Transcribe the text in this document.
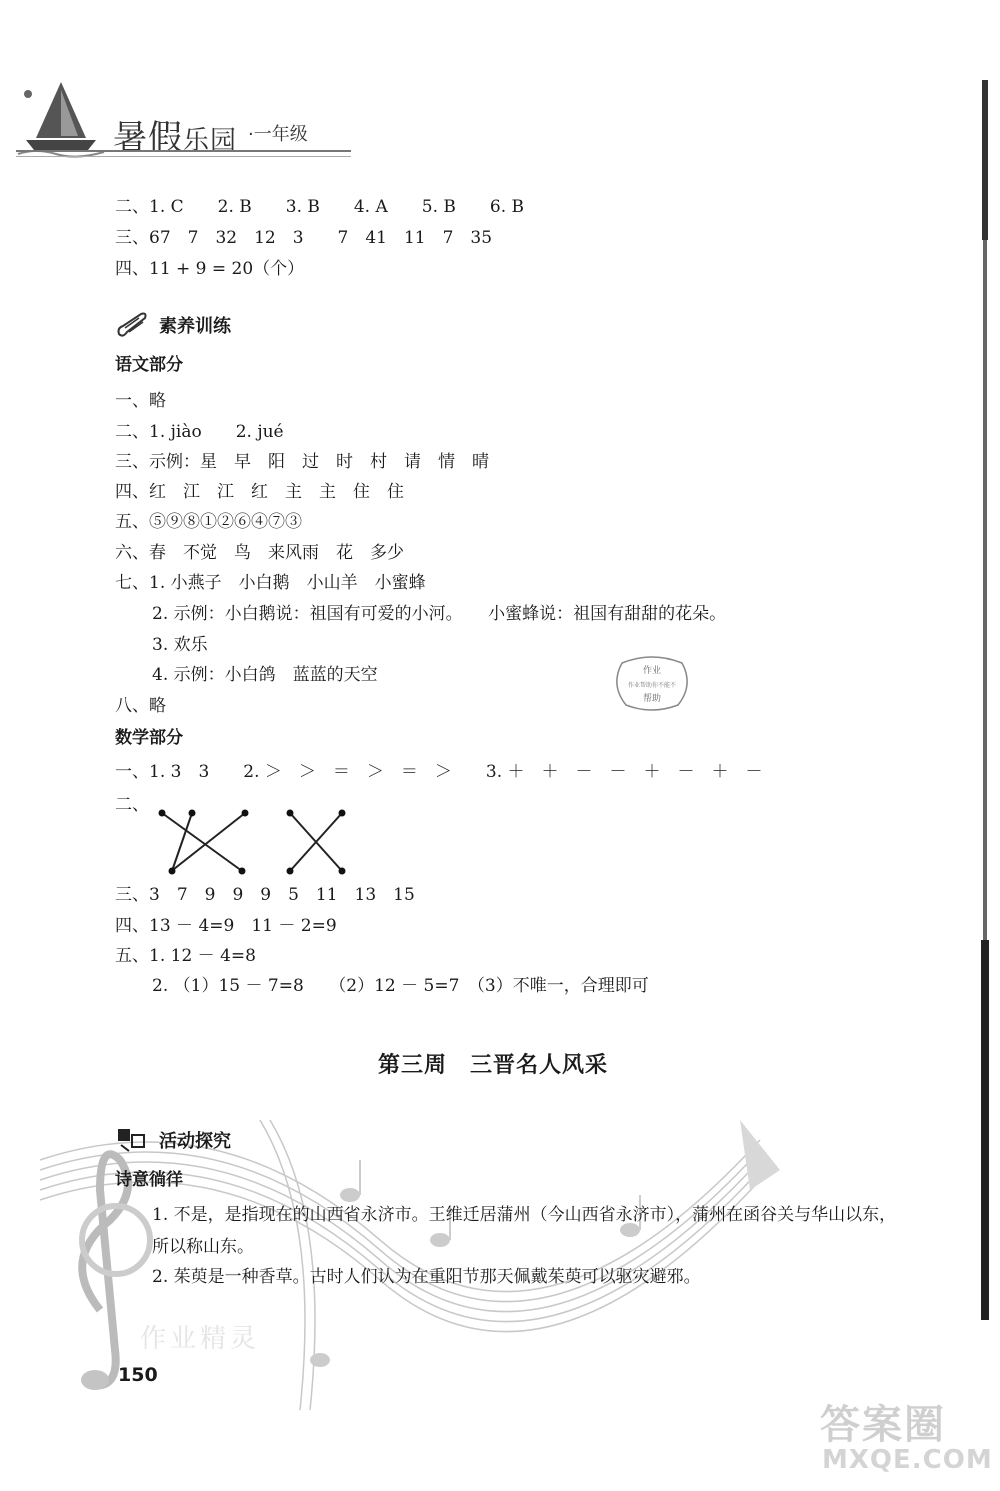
暑假乐园 ·一年级
二、1. C　　2. B　　3. B　　4. A　　5. B　　6. B
三、67　7　32　12　3　　7　41　11　7　35
四、11 + 9 = 20（个）
素养训练
语文部分
一、略
二、1. jiào　　2. jué
三、示例：星　早　阳　过　时　村　请　情　晴
四、红　江　江　红　主　主　住　住
五、⑤⑨⑧①②⑥④⑦③
六、春　不觉　鸟　来风雨　花　多少
七、1. 小燕子　小白鹅　小山羊　小蜜蜂
2. 示例：小白鹅说：祖国有可爱的小河。　　小蜜蜂说：祖国有甜甜的花朵。
3. 欢乐
4. 示例：小白鸽　蓝蓝的天空
八、略
作业
作业帮助你不能不
帮助
数学部分
一、1. 3　3　　2. ＞　＞　＝　＞　＝　＞　　3. ＋　＋　－　－　＋　－　＋　－
二、
三、3　7　9　9　9　5　11　13　15
四、13 － 4=9　11 － 2=9
五、1. 12 － 4=8
2. （1）15 － 7=8　　（2）12 － 5=7　（3）不唯一，合理即可
第三周　三晋名人风采
活动探究
诗意徜徉
1. 不是，是指现在的山西省永济市。王维迁居蒲州（今山西省永济市），蒲州在函谷关与华山以东，
所以称山东。
2. 茱萸是一种香草。古时人们认为在重阳节那天佩戴茱萸可以驱灾避邪。
作业精灵
150
答案圈
MXQE.COM
